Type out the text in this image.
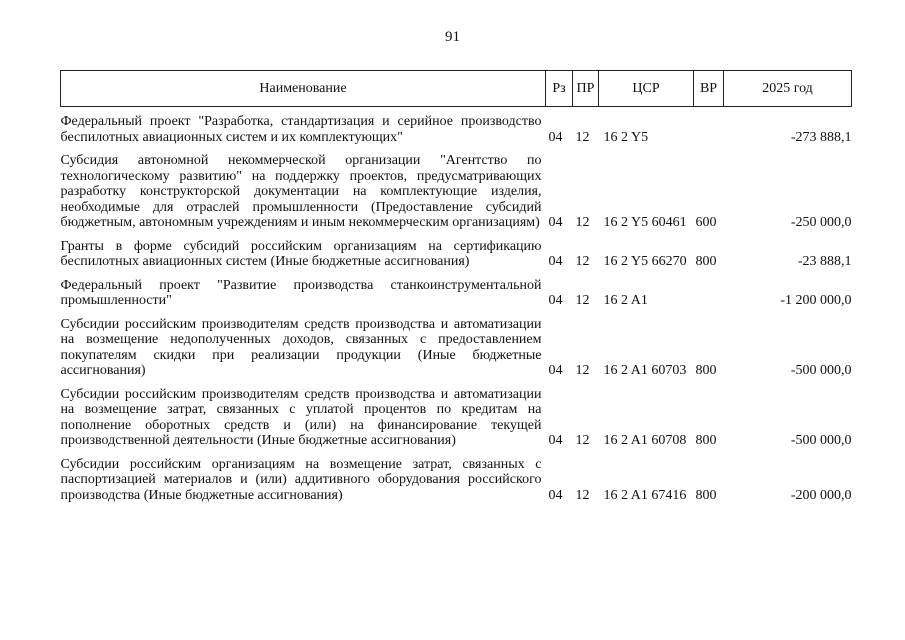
91
Наименование	Рз	ПР	ЦСР	ВР	2025 год
Федеральный проект "Разработка, стандартизация и серийное производство беспилотных авиационных систем и их комплектующих"	04	12	16 2 Y5		-273 888,1
Субсидия автономной некоммерческой организации "Агентство по технологическому развитию" на поддержку проектов, предусматривающих разработку конструкторской документации на комплектующие изделия, необходимые для отраслей промышленности (Предоставление субсидий бюджетным, автономным учреждениям и иным некоммерческим организациям)	04	12	16 2 Y5 60461	600	-250 000,0
Гранты в форме субсидий российским организациям на сертификацию беспилотных авиационных систем (Иные бюджетные ассигнования)	04	12	16 2 Y5 66270	800	-23 888,1
Федеральный проект "Развитие производства станкоинструментальной промышленности"	04	12	16 2 A1		-1 200 000,0
Субсидии российским производителям средств производства и автоматизации на возмещение недополученных доходов, связанных с предоставлением покупателям скидки при реализации продукции (Иные бюджетные ассигнования)	04	12	16 2 A1 60703	800	-500 000,0
Субсидии российским производителям средств производства и автоматизации на возмещение затрат, связанных с уплатой процентов по кредитам на пополнение оборотных средств и (или) на финансирование текущей производственной деятельности (Иные бюджетные ассигнования)	04	12	16 2 A1 60708	800	-500 000,0
Субсидии российским организациям на возмещение затрат, связанных с паспортизацией материалов и (или) аддитивного оборудования российского производства (Иные бюджетные ассигнования)	04	12	16 2 A1 67416	800	-200 000,0
